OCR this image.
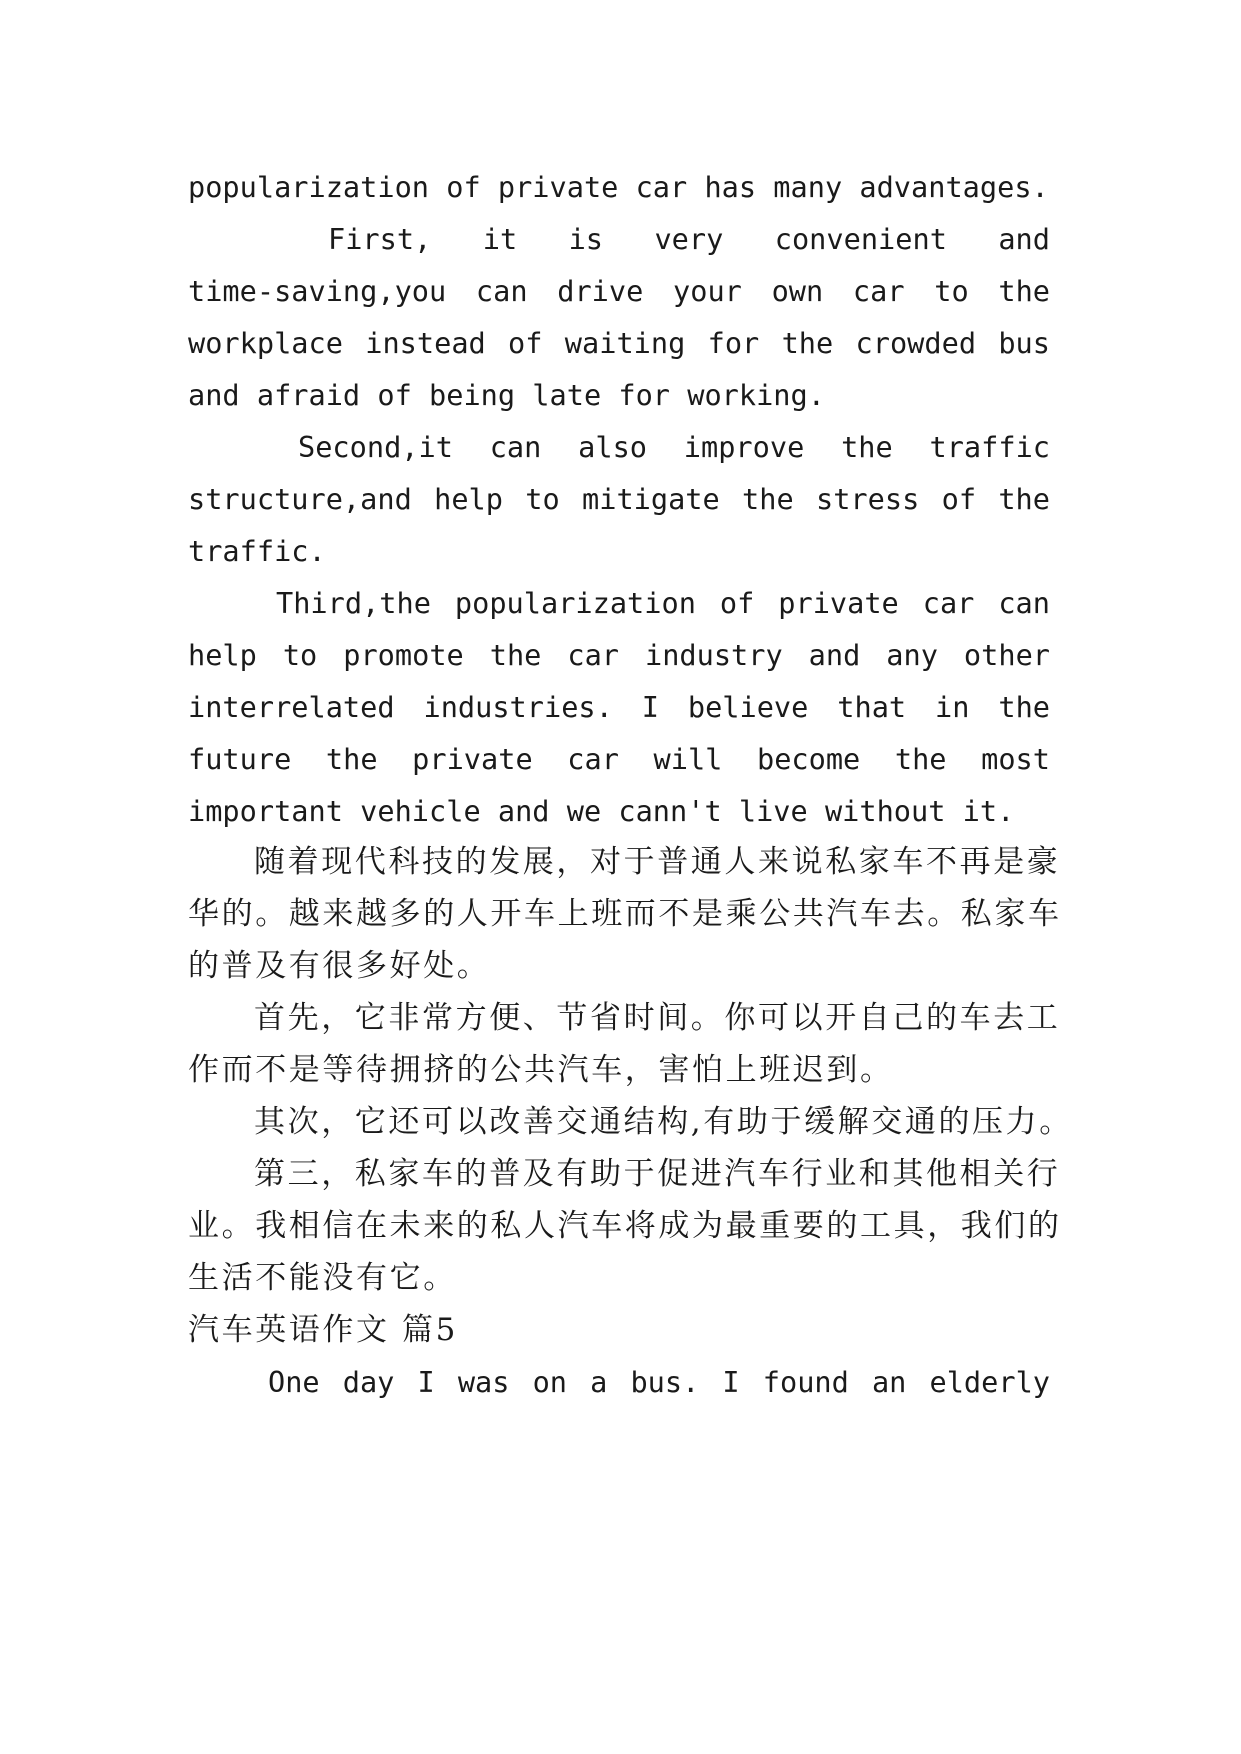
popularization of private car has many advantages.
First, it is very convenient and
time-saving,you can drive your own car to the
workplace instead of waiting for the crowded bus
and afraid of being late for working.
Second,it can also improve the traffic
structure,and help to mitigate the stress of the
traffic.
Third,the popularization of private car can
help to promote the car industry and any other
interrelated industries. I believe that in the
future the private car will become the most
important vehicle and we cann't live without it.
随着现代科技的发展，对于普通人来说私家车不再是豪
华的。越来越多的人开车上班而不是乘公共汽车去。私家车
的普及有很多好处。
首先，它非常方便、节省时间。你可以开自己的车去工
作而不是等待拥挤的公共汽车，害怕上班迟到。
其次，它还可以改善交通结构,有助于缓解交通的压力。
第三，私家车的普及有助于促进汽车行业和其他相关行
业。我相信在未来的私人汽车将成为最重要的工具，我们的
生活不能没有它。
汽车英语作文 篇5
One day I was on a bus. I found an elderly
